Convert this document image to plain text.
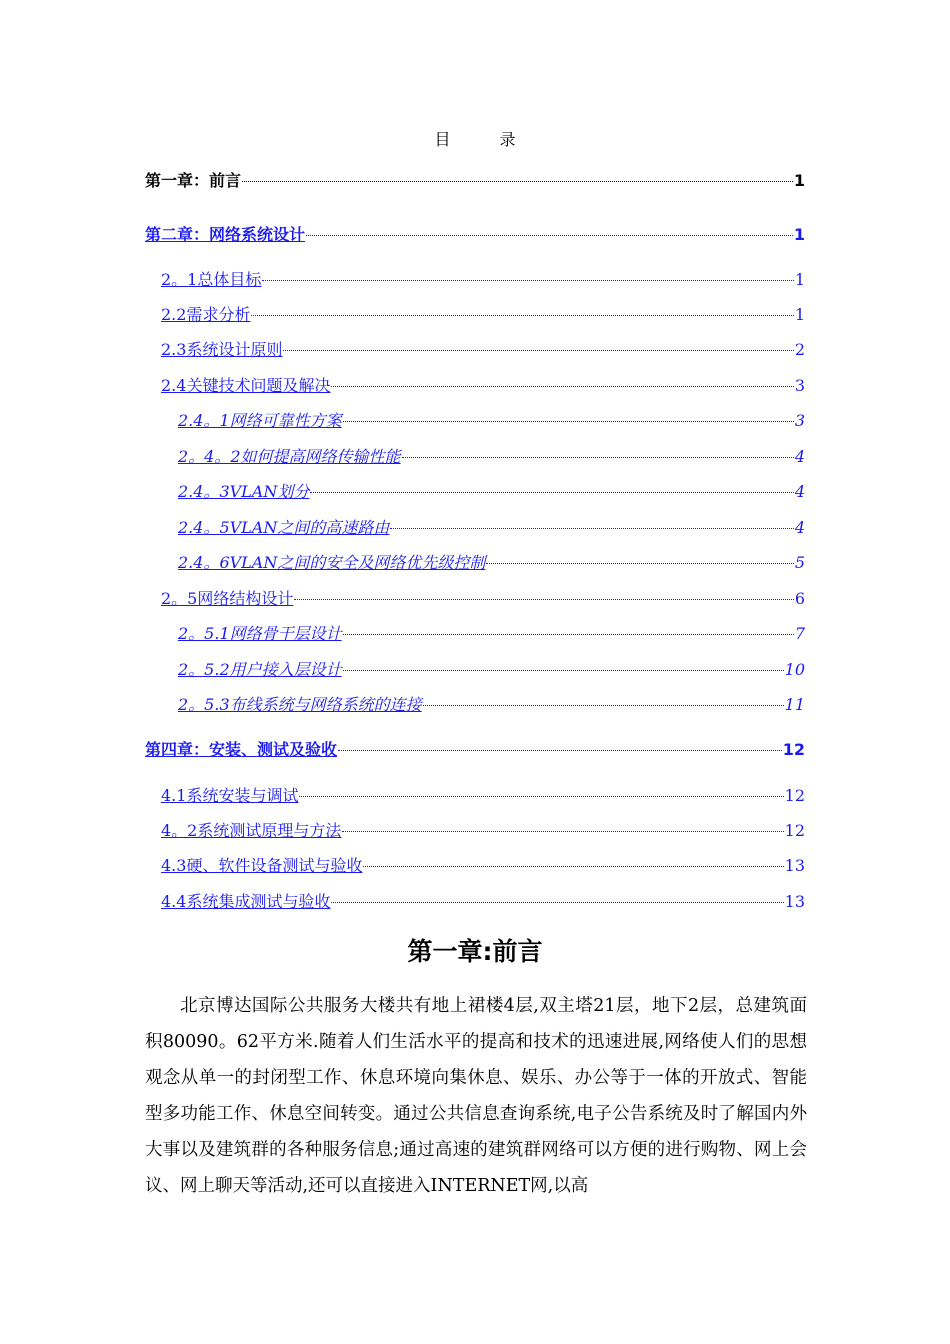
目 录
第一章：前言	1
第二章：网络系统设计	1
2。1总体目标	1
2.2需求分析	1
2.3系统设计原则	2
2.4关键技术问题及解决	3
2.4。1网络可靠性方案	3
2。4。2如何提高网络传输性能	4
2.4。3VLAN划分	4
2.4。5VLAN之间的高速路由	4
2.4。6VLAN之间的安全及网络优先级控制	5
2。5网络结构设计	6
2。5.1网络骨干层设计	7
2。5.2用户接入层设计	10
2。5.3布线系统与网络系统的连接	11
第四章：安装、测试及验收	12
4.1系统安装与调试	12
4。2系统测试原理与方法	12
4.3硬、软件设备测试与验收	13
4.4系统集成测试与验收	13
第一章:前言

北京博达国际公共服务大楼共有地上裙楼4层,双主塔21层，地下2层，总建筑面积80090。62平方米.随着人们生活水平的提高和技术的迅速进展,网络使人们的思想观念从单一的封闭型工作、休息环境向集休息、娱乐、办公等于一体的开放式、智能型多功能工作、休息空间转变。通过公共信息查询系统,电子公告系统及时了解国内外大事以及建筑群的各种服务信息;通过高速的建筑群网络可以方便的进行购物、网上会议、网上聊天等活动,还可以直接进入INTERNET网,以高
